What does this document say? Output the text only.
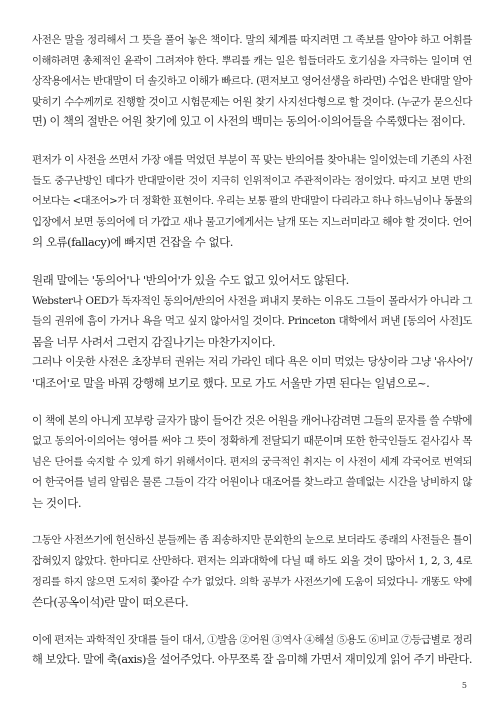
사전은 말을 정리해서 그 뜻을 풀어 놓은 책이다. 말의 체계를 따지려면 그 족보를 알아야 하고 어휘를
이해하려면 총체적인 윤곽이 그려져야 한다. 뿌리를 캐는 일은 힘들더라도 호기심을 자극하는 일이며 연
상작용에서는 반대말이 더 솔깃하고 이해가 빠르다. (편저보고 영어선생을 하라면) 수업은 반대말 알아
맞히기 수수께끼로 진행할 것이고 시험문제는 어원 찾기 사지선다형으로 할 것이다. (누군가 묻으신다
면) 이 책의 절반은 어원 찾기에 있고 이 사전의 백미는 동의어·이의어들을 수록했다는 점이다.
편저가 이 사전을 쓰면서 가장 애를 먹었던 부분이 꼭 맞는 반의어를 찾아내는 일이었는데 기존의 사전
들도 중구난방인 데다가 반대말이란 것이 지극히 인위적이고 주관적이라는 점이었다. 따지고 보면 반의
어보다는 <대조어>가 더 정확한 표현이다. 우리는 보통 팔의 반대말이 다리라고 하나 하느님이나 동물의
입장에서 보면 동의어에 더 가깝고 새나 물고기에게서는 날개 또는 지느러미라고 해야 할 것이다. 언어
의 오류(fallacy)에 빠지면 건잡을 수 없다.
원래 말에는 '동의어'나 '반의어'가 있을 수도 없고 있어서도 않된다.
Webster나 OED가 독자적인 동의어/반의어 사전을 펴내지 못하는 이유도 그들이 몰라서가 아니라 그
들의 권위에 흠이 가거나 욕을 먹고 싶지 않아서일 것이다. Princeton 대학에서 퍼낸 [동의어 사전]도
몸을 너무 사려서 그런지 감질나기는 마찬가지이다.
그러나 이웃한 사전은 초장부터 권위는 저리 가라인 데다 욕은 이미 먹었는 당상이라 그냥 '유사어'/
'대조어'로 말을 바꿔 강행해 보기로 했다. 모로 가도 서울만 가면 된다는 일념으로~.
이 책에 본의 아니게 꼬부랑 글자가 많이 들어간 것은 어원을 캐어나감려면 그들의 문자를 쓸 수밖에
없고 동의어·이의어는 영어를 써야 그 뜻이 정확하게 전달되기 때문이며 또한 한국인들도 겉사김사 목
넘은 단어를 숙지할 수 있게 하기 위해서이다. 편저의 궁극적인 취지는 이 사전이 세계 각국어로 번역되
어 한국어를 널리 알림은 물론 그들이 각각 어원이나 대조어를 찾느라고 쓸데없는 시간을 낭비하지 않
는 것이다.
그동안 사전쓰기에 헌신하신 분들께는 좀 죄송하지만 문외한의 눈으로 보더라도 종래의 사전들은 틀이
잡혀있지 않았다. 한마디로 산만하다. 편저는 의과대학에 다닐 때 하도 외울 것이 많아서 1, 2, 3, 4로
정리를 하지 않으면 도저히 쫓아갈 수가 없었다. 의학 공부가 사전쓰기에 도움이 되었다니- 개똥도 약에
쓴다(공옥이석)란 말이 떠오른다.
이에 편저는 과학적인 잣대를 들이 대서, ①발음 ②어원 ③역사 ④해설 ⑤용도 ⑥비교 ⑦등급별로 정리
해 보았다. 말에 축(axis)을 설어주었다. 아무쪼록 잘 음미해 가면서 재미있게 읽어 주기 바란다.
5
